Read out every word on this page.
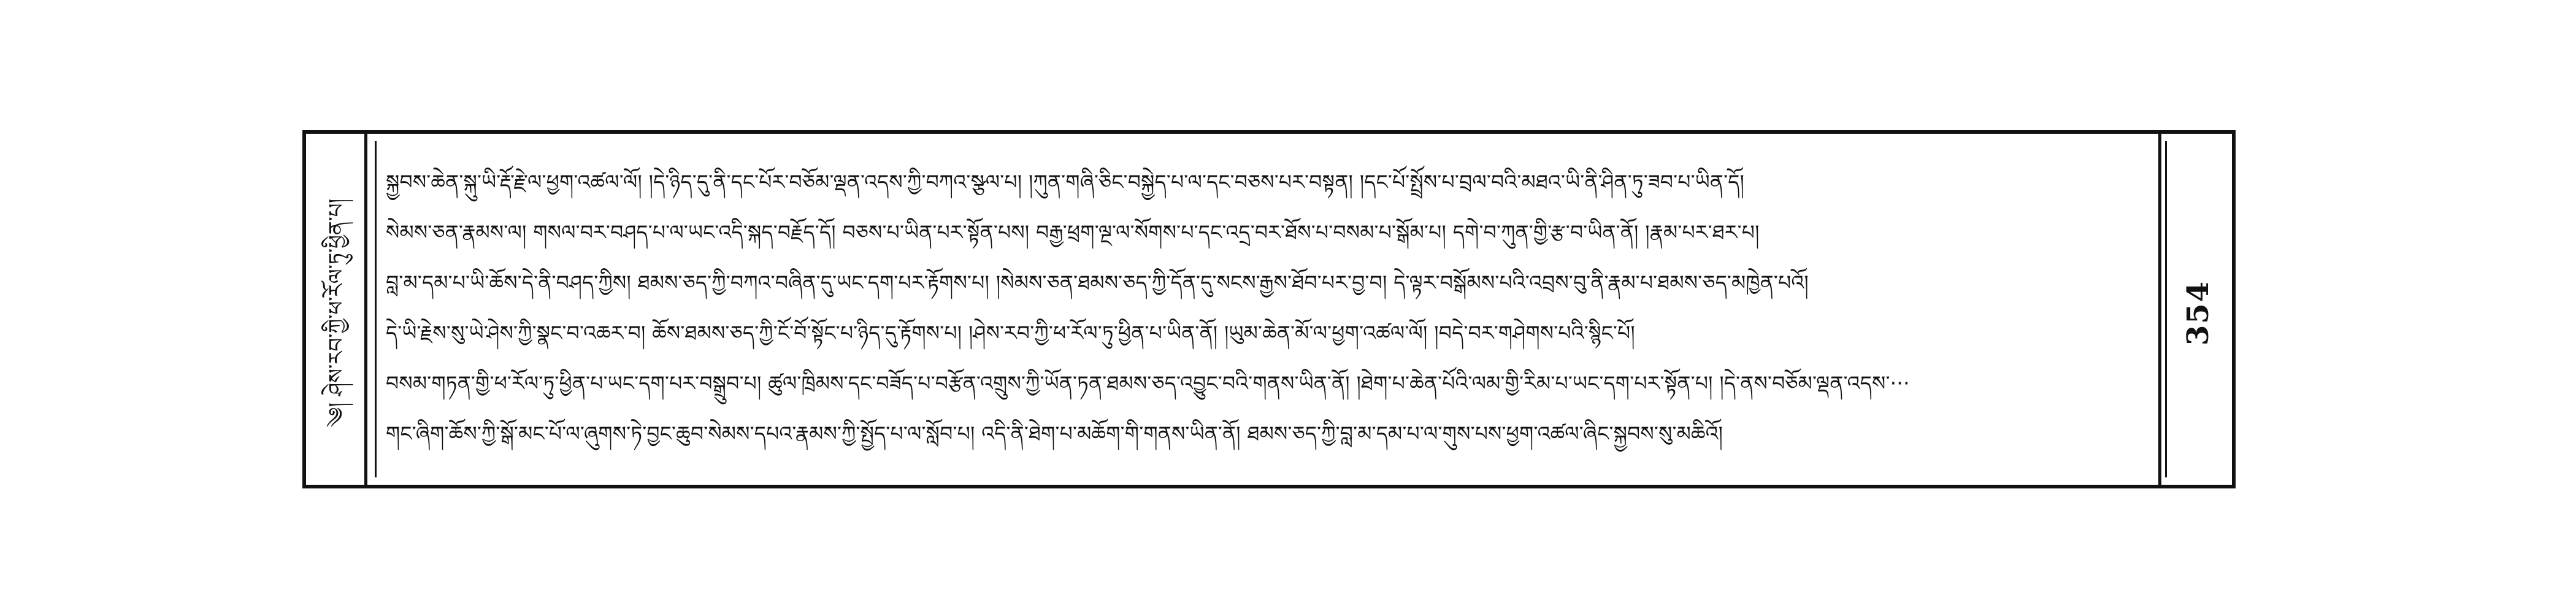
༄། ཤེས་རབ་ཀྱི་ཕ་རོལ་ཏུ་ཕྱིན་པ།
སྐྱབས་ཆེན་སྐུ་ཡི་རྡོ་རྗེ་ལ་ཕྱག་འཚལ་ལོ། །དེ་ཉིད་དུ་ནི་དང་པོར་བཅོམ་ལྡན་འདས་ཀྱི་བཀའ་སྩལ་པ། །ཀུན་གཞི་ཅིང་བསྐྱེད་པ་ལ་དང་བཅས་པར་བསྟན། །དང་པོ་སྤྲོས་པ་བྲལ་བའི་མཐའ་ཡི་ནི་ཤིན་ཏུ་ཟབ་པ་ཡིན་དོ།
སེམས་ཅན་རྣམས་ལ། གསལ་བར་བཤད་པ་ལ་ཡང་འདི་སྐད་བརྗོད་དོ། བཅས་པ་ཡིན་པར་སྟོན་པས། བརྒྱ་ཕྲག་ལྔ་ལ་སོགས་པ་དང་འདྲ་བར་ཐོས་པ་བསམ་པ་སྒོམ་པ། དགེ་བ་ཀུན་གྱི་རྩ་བ་ཡིན་ནོ། །རྣམ་པར་ཐར་པ།
བླ་མ་དམ་པ་ཡི་ཆོས་དེ་ནི་བཤད་ཀྱིས། ཐམས་ཅད་ཀྱི་བཀའ་བཞིན་དུ་ཡང་དག་པར་རྟོགས་པ། །སེམས་ཅན་ཐམས་ཅད་ཀྱི་དོན་དུ་སངས་རྒྱས་ཐོབ་པར་བྱ་བ། དེ་ལྟར་བསྒོམས་པའི་འབྲས་བུ་ནི་རྣམ་པ་ཐམས་ཅད་མཁྱེན་པའོ།
དེ་ཡི་རྗེས་སུ་ཡེ་ཤེས་ཀྱི་སྣང་བ་འཆར་བ། ཆོས་ཐམས་ཅད་ཀྱི་ངོ་བོ་སྟོང་པ་ཉིད་དུ་རྟོགས་པ། །ཤེས་རབ་ཀྱི་ཕ་རོལ་ཏུ་ཕྱིན་པ་ཡིན་ནོ། །ཡུམ་ཆེན་མོ་ལ་ཕྱག་འཚལ་ལོ། །བདེ་བར་གཤེགས་པའི་སྙིང་པོ།
བསམ་གཏན་གྱི་ཕ་རོལ་ཏུ་ཕྱིན་པ་ཡང་དག་པར་བསྒྲུབ་པ། ཚུལ་ཁྲིམས་དང་བཟོད་པ་བརྩོན་འགྲུས་ཀྱི་ཡོན་ཏན་ཐམས་ཅད་འབྱུང་བའི་གནས་ཡིན་ནོ། །ཐེག་པ་ཆེན་པོའི་ལམ་གྱི་རིམ་པ་ཡང་དག་པར་སྟོན་པ། །དེ་ནས་བཅོམ་ལྡན་འདས་···
གང་ཞིག་ཆོས་ཀྱི་སྒོ་མང་པོ་ལ་ཞུགས་ཏེ་བྱང་ཆུབ་སེམས་དཔའ་རྣམས་ཀྱི་སྤྱོད་པ་ལ་སློབ་པ། འདི་ནི་ཐེག་པ་མཆོག་གི་གནས་ཡིན་ནོ། ཐམས་ཅད་ཀྱི་བླ་མ་དམ་པ་ལ་གུས་པས་ཕྱག་འཚལ་ཞིང་སྐྱབས་སུ་མཆིའོ།
354
